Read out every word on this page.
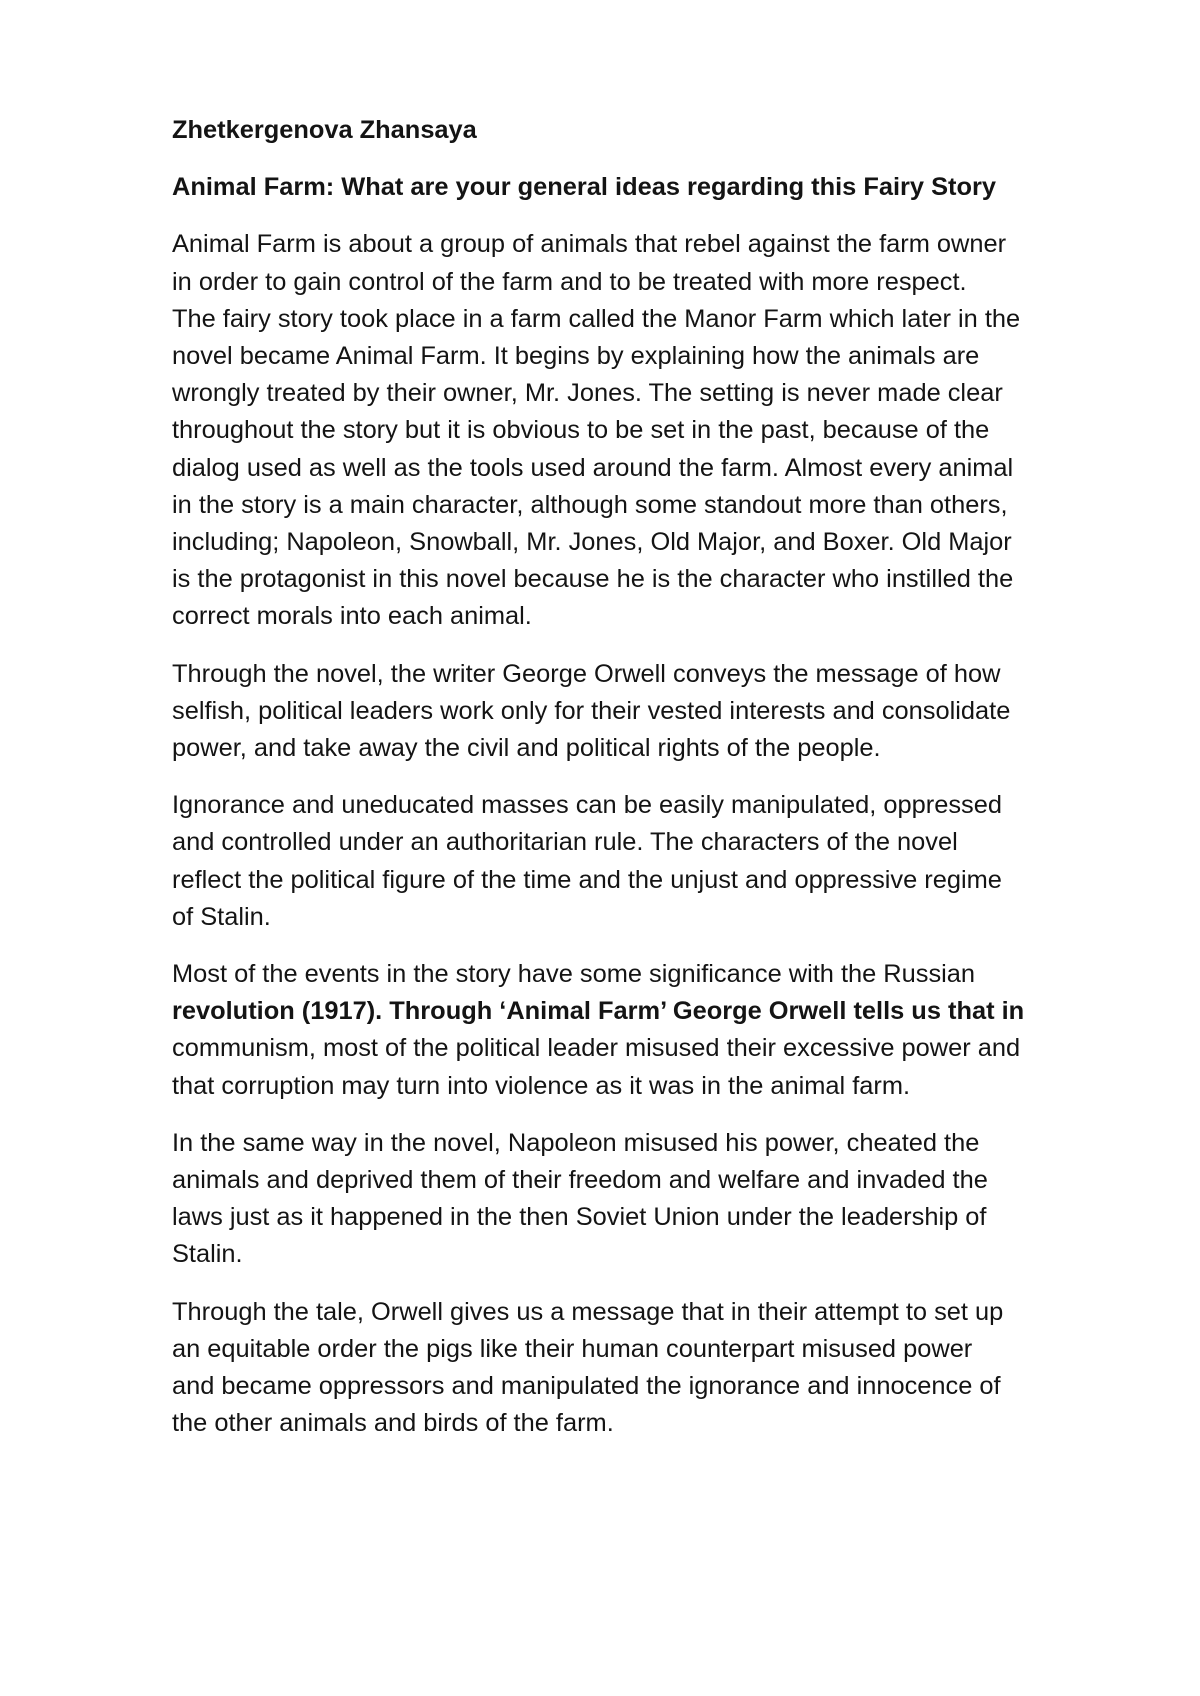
Zhetkergenova Zhansaya
Animal Farm: What are your general ideas regarding this Fairy Story
Animal Farm is about a group of animals that rebel against the farm owner
in order to gain control of the farm and to be treated with more respect.
The fairy story took place in a farm called the Manor Farm which later in the
novel became Animal Farm. It begins by explaining how the animals are
wrongly treated by their owner, Mr. Jones. The setting is never made clear
throughout the story but it is obvious to be set in the past, because of the
dialog used as well as the tools used around the farm. Almost every animal
in the story is a main character, although some standout more than others,
including; Napoleon, Snowball, Mr. Jones, Old Major, and Boxer. Old Major
is the protagonist in this novel because he is the character who instilled the
correct morals into each animal.
Through the novel, the writer George Orwell conveys the message of how
selfish, political leaders work only for their vested interests and consolidate
power, and take away the civil and political rights of the people.
Ignorance and uneducated masses can be easily manipulated, oppressed
and controlled under an authoritarian rule. The characters of the novel
reflect the political figure of the time and the unjust and oppressive regime
of Stalin.
Most of the events in the story have some significance with the Russian
revolution (1917). Through ‘Animal Farm’ George Orwell tells us that in
communism, most of the political leader misused their excessive power and
that corruption may turn into violence as it was in the animal farm.
In the same way in the novel, Napoleon misused his power, cheated the
animals and deprived them of their freedom and welfare and invaded the
laws just as it happened in the then Soviet Union under the leadership of
Stalin.
Through the tale, Orwell gives us a message that in their attempt to set up
an equitable order the pigs like their human counterpart misused power
and became oppressors and manipulated the ignorance and innocence of
the other animals and birds of the farm.
